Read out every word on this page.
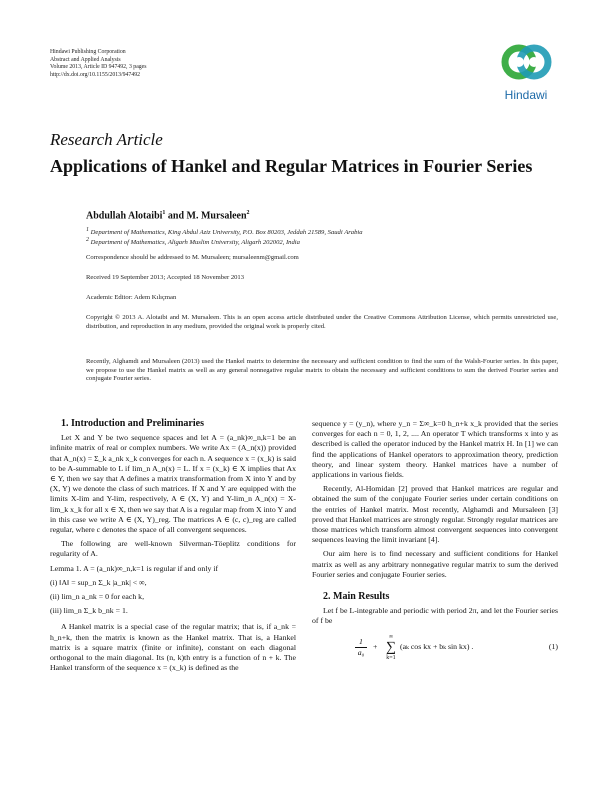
Hindawi Publishing Corporation
Abstract and Applied Analysis
Volume 2013, Article ID 947492, 3 pages
http://dx.doi.org/10.1155/2013/947492
Hindawi
Research Article
Applications of Hankel and Regular Matrices in Fourier Series
Abdullah Alotaibi$^1$ and M. Mursaleen$^2$
$^1$ Department of Mathematics, King Abdul Aziz University, P.O. Box 80203, Jeddah 21589, Saudi Arabia
$^2$ Department of Mathematics, Aligarh Muslim University, Aligarh 202002, India
Correspondence should be addressed to M. Mursaleen; mursaleenm@gmail.com
Received 19 September 2013; Accepted 18 November 2013
Academic Editor: Adem Kılıçman
Copyright © 2013 A. Alotaibi and M. Mursaleen. This is an open access article distributed under the Creative Commons Attribution License, which permits unrestricted use, distribution, and reproduction in any medium, provided the original work is properly cited.
Recently, Alghamdi and Mursaleen (2013) used the Hankel matrix to determine the necessary and sufficient condition to find the sum of the Walsh-Fourier series. In this paper, we propose to use the Hankel matrix as well as any general nonnegative regular matrix to obtain the necessary and sufficient conditions to sum the derived Fourier series and conjugate Fourier series.

1. Introduction and Preliminaries

Let X and Y be two sequence spaces and let A = (a_nk)∞_n,k=1 be an infinite matrix of real or complex numbers. We write Ax = (A_n(x)) provided that A_n(x) = Σ_k a_nk x_k converges for each n. A sequence x = (x_k) is said to be A-summable to L if lim_n A_n(x) = L. If x = (x_k) ∈ X implies that Ax ∈ Y, then we say that A defines a matrix transformation from X into Y and by (X, Y) we denote the class of such matrices. If X and Y are equipped with the limits X-lim and Y-lim, respectively, A ∈ (X, Y) and Y-lim_n A_n(x) = X-lim_k x_k for all x ∈ X, then we say that A is a regular map from X into Y and in this case we write A ∈ (X, Y)_reg. The matrices A ∈ (c, c)_reg are called regular, where c denotes the space of all convergent sequences.

The following are well-known Silverman-Töeplitz conditions for regularity of A.

Lemma 1. A = (a_nk)∞_n,k=1 is regular if and only if

(i) ‖A‖ = sup_n Σ_k |a_nk| < ∞,

(ii) lim_n a_nk = 0 for each k,

(iii) lim_n Σ_k b_nk = 1.

A Hankel matrix is a special case of the regular matrix; that is, if a_nk = h_n+k, then the matrix is known as the Hankel matrix. That is, a Hankel matrix is a square matrix (finite or infinite), constant on each diagonal orthogonal to the main diagonal. Its (n, k)th entry is a function of n + k. The Hankel transform of the sequence x = (x_k) is defined as the

sequence y = (y_n), where y_n = Σ∞_k=0 h_n+k x_k provided that the series converges for each n = 0, 1, 2, .... An operator T which transforms x into y as described is called the operator induced by the Hankel matrix H. In [1] we can find the applications of Hankel operators to approximation theory, prediction theory, and linear system theory. Hankel matrices have a number of applications in various fields.

Recently, Al-Homidan [2] proved that Hankel matrices are regular and obtained the sum of the conjugate Fourier series under certain conditions on the entries of Hankel matrix. Most recently, Alghamdi and Mursaleen [3] proved that Hankel matrices are strongly regular. Strongly regular matrices are those matrices which transform almost convergent sequences into convergent sequences leaving the limit invariant [4].

Our aim here is to find necessary and sufficient conditions for Hankel matrix as well as any arbitrary nonnegative regular matrix to sum the derived Fourier series and conjugate Fourier series.

2. Main Results

Let f be L-integrable and periodic with period 2π, and let the Fourier series of f be

$\frac{1}{\text{a₀}}$ +
∞
∑
k=1
(aₖ cos kx + bₖ sin kx) .	(1)
